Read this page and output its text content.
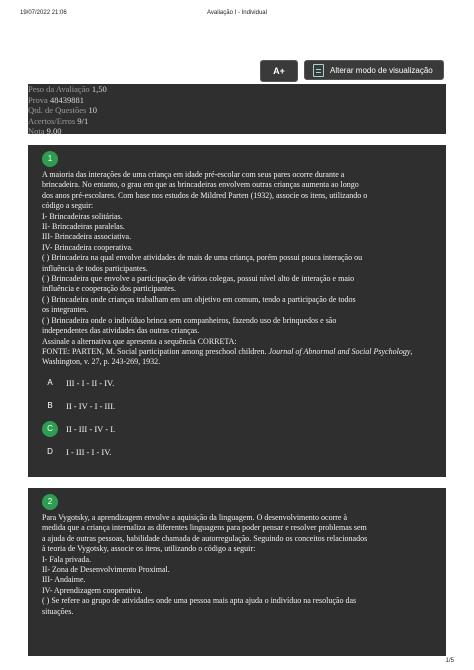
19/07/2022 21:06	Avaliação I - Individual
A+	Alterar modo de visualização
Peso da Avaliação 1,50
Prova 48439881
Qtd. de Questões 10
Acertos/Erros 9/1
Nota 9,00
1
A maioria das interações de uma criança em idade pré-escolar com seus pares ocorre durante a
brincadeira. No entanto, o grau em que as brincadeiras envolvem outras crianças aumenta ao longo
dos anos pré-escolares. Com base nos estudos de Mildred Parten (1932), associe os itens, utilizando o
código a seguir:
I- Brincadeiras solitárias.
II- Brincadeiras paralelas.
III- Brincadeira associativa.
IV- Brincadeira cooperativa.
( ) Brincadeira na qual envolve atividades de mais de uma criança, porém possui pouca interação ou
influência de todos participantes.
( ) Brincadeira que envolve a participação de vários colegas, possui nível alto de interação e maio
influência e cooperação dos participantes.
( ) Brincadeira onde crianças trabalham em um objetivo em comum, tendo a participação de todos
os integrantes.
( ) Brincadeira onde o indivíduo brinca sem companheiros, fazendo uso de brinquedos e são
independentes das atividades das outras crianças.
Assinale a alternativa que apresenta a sequência CORRETA:
FONTE: PARTEN, M. Social participation among preschool children. Journal of Abnormal and Social Psychology, Washington, v. 27, p. 243-269, 1932.
A	III - I - II - IV.
B	II - IV - I - III.
C	II - III - IV - I.
D	I - III - I - IV.
2
Para Vygotsky, a aprendizagem envolve a aquisição da linguagem. O desenvolvimento ocorre à
medida que a criança internaliza as diferentes linguagens para poder pensar e resolver problemas sem
a ajuda de outras pessoas, habilidade chamada de autorregulação. Seguindo os conceitos relacionados
à teoria de Vygotsky, associe os itens, utilizando o código a seguir:
I- Fala privada.
II- Zona de Desenvolvimento Proximal.
III- Andaime.
IV- Aprendizagem cooperativa.
( ) Se refere ao grupo de atividades onde uma pessoa mais apta ajuda o indivíduo na resolução das
situações.
1/5
